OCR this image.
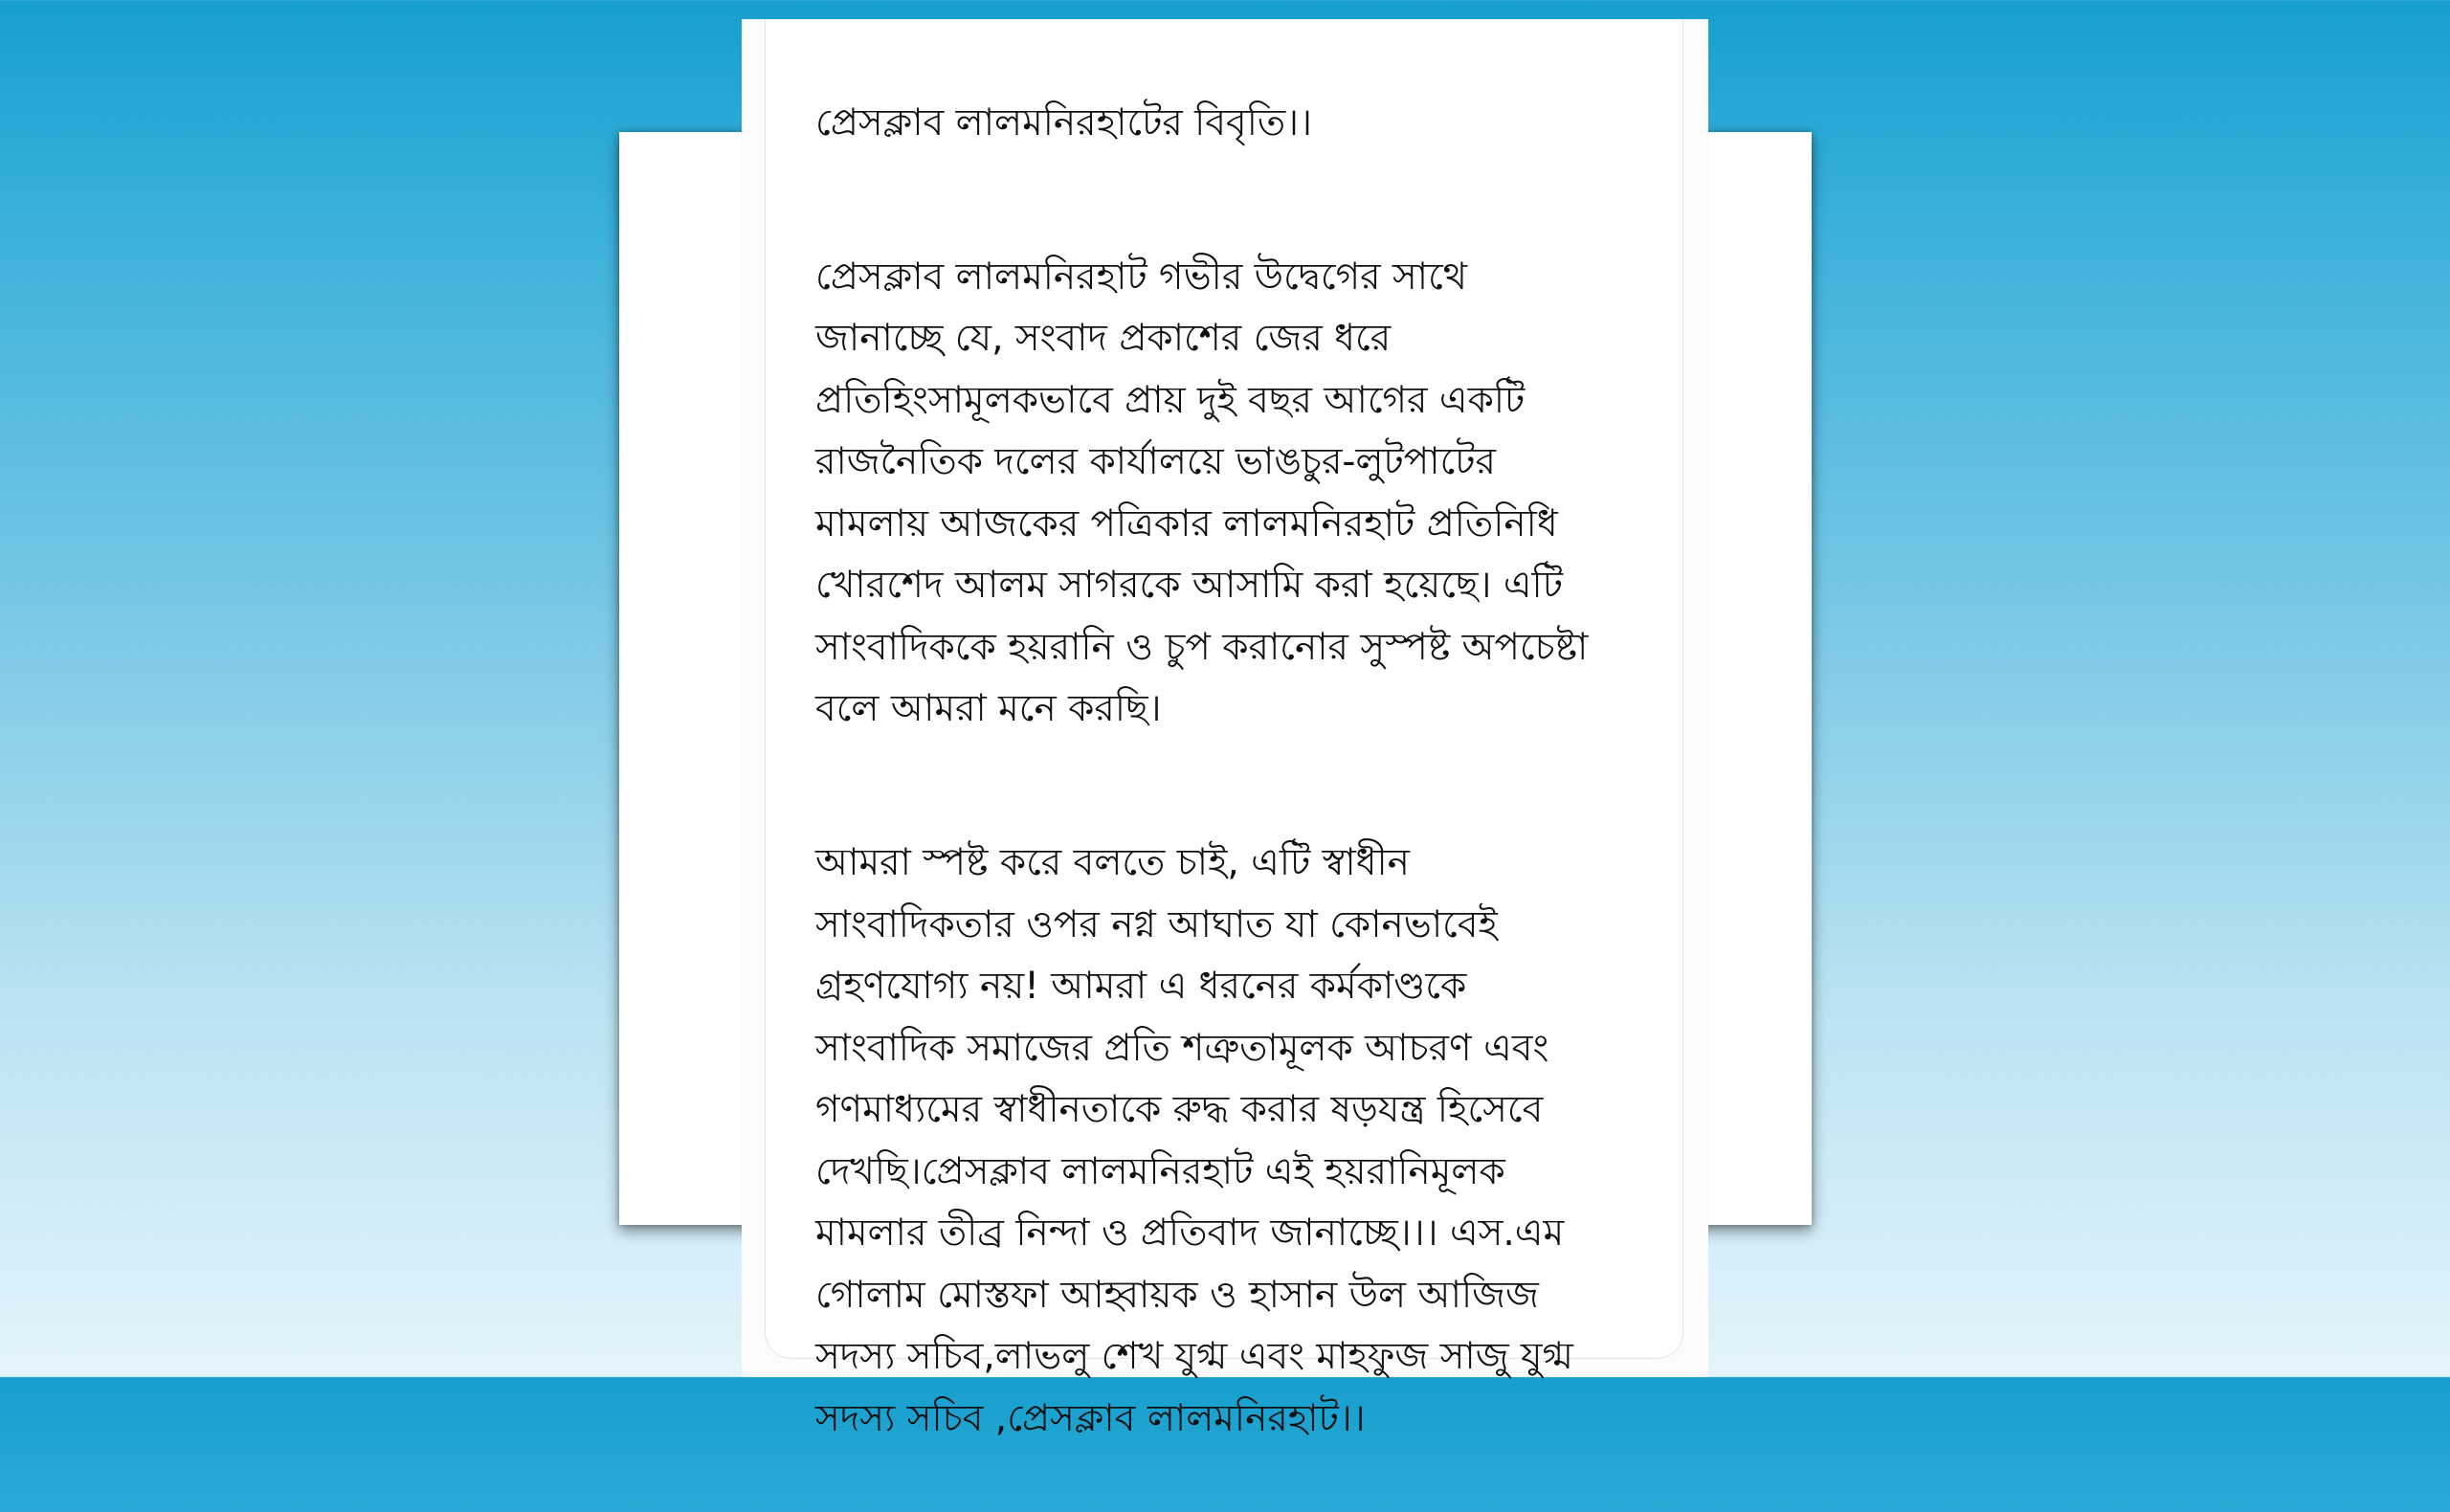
প্রেসক্লাব লালমনিরহাটের বিবৃতি।।

প্রেসক্লাব লালমনিরহাট গভীর উদ্বেগের সাথে
জানাচ্ছে যে, সংবাদ প্রকাশের জের ধরে
প্রতিহিংসামূলকভাবে প্রায় দুই বছর আগের একটি
রাজনৈতিক দলের কার্যালয়ে ভাঙচুর-লুটপাটের
মামলায় আজকের পত্রিকার লালমনিরহাট প্রতিনিধি
খোরশেদ আলম সাগরকে আসামি করা হয়েছে। এটি
সাংবাদিককে হয়রানি ও চুপ করানোর সুস্পষ্ট অপচেষ্টা
বলে আমরা মনে করছি।

আমরা স্পষ্ট করে বলতে চাই, এটি স্বাধীন
সাংবাদিকতার ওপর নগ্ন আঘাত যা কোনভাবেই
গ্রহণযোগ্য নয়! আমরা এ ধরনের কর্মকাণ্ডকে
সাংবাদিক সমাজের প্রতি শত্রুতামূলক আচরণ এবং
গণমাধ্যমের স্বাধীনতাকে রুদ্ধ করার ষড়যন্ত্র হিসেবে
দেখছি।প্রেসক্লাব লালমনিরহাট এই হয়রানিমূলক
মামলার তীব্র নিন্দা ও প্রতিবাদ জানাচ্ছে।।। এস.এম
গোলাম মোস্তফা আহ্বায়ক ও হাসান উল আজিজ
সদস্য সচিব,লাভলু শেখ যুগ্ম এবং মাহফুজ সাজু যুগ্ম
সদস্য সচিব ,প্রেসক্লাব লালমনিরহাট।।
